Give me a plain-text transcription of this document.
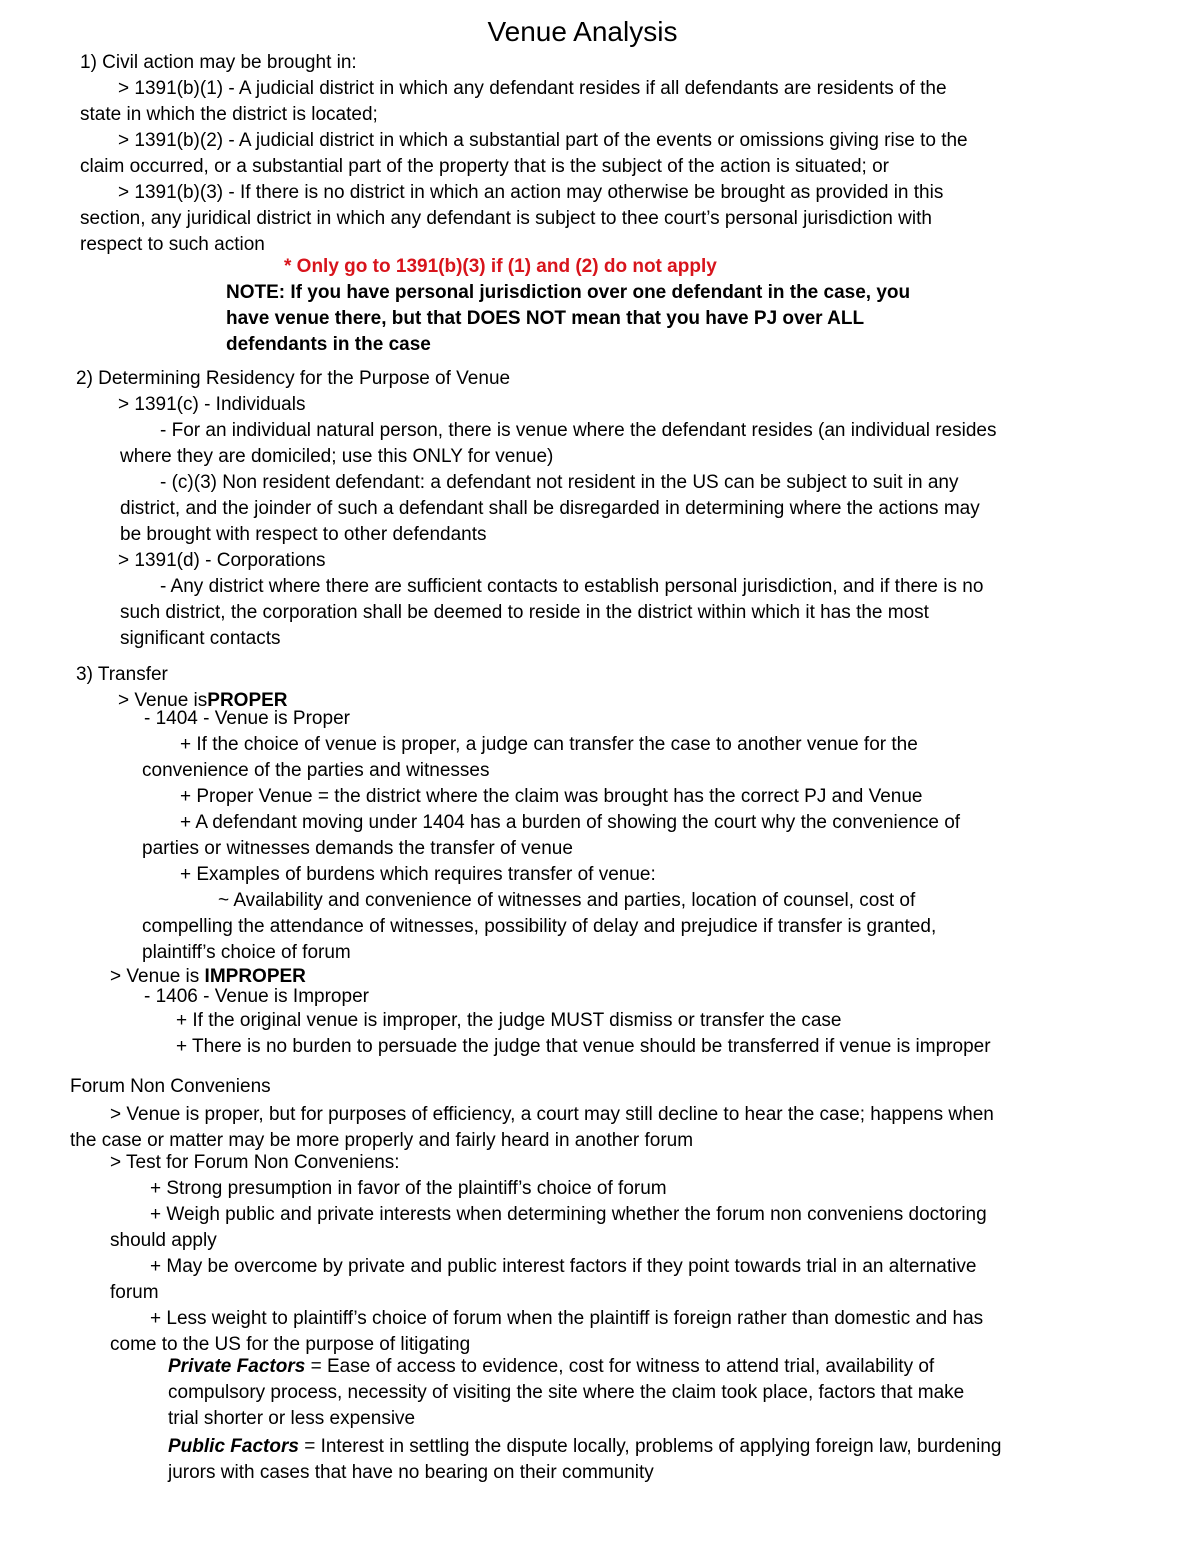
Venue Analysis
1) Civil action may be brought in:
> 1391(b)(1) - A judicial district in which any defendant resides if all defendants are residents of the
state in which the district is located;
> 1391(b)(2) - A judicial district in which a substantial part of the events or omissions giving rise to the
claim occurred, or a substantial part of the property that is the subject of the action is situated; or
> 1391(b)(3) - If there is no district in which an action may otherwise be brought as provided in this
section, any juridical district in which any defendant is subject to thee court’s personal jurisdiction with
respect to such action
* Only go to 1391(b)(3) if (1) and (2) do not apply
NOTE: If you have personal jurisdiction over one defendant in the case, you
have venue there, but that DOES NOT mean that you have PJ over ALL
defendants in the case
2) Determining Residency for the Purpose of Venue
> 1391(c) - Individuals
- For an individual natural person, there is venue where the defendant resides (an individual resides
where they are domiciled; use this ONLY for venue)
- (c)(3) Non resident defendant: a defendant not resident in the US can be subject to suit in any
district, and the joinder of such a defendant shall be disregarded in determining where the actions may
be brought with respect to other defendants
> 1391(d) - Corporations
- Any district where there are sufficient contacts to establish personal jurisdiction, and if there is no
such district, the corporation shall be deemed to reside in the district within which it has the most
significant contacts
3) Transfer
> Venue isPROPER
- 1404 - Venue is Proper
+ If the choice of venue is proper, a judge can transfer the case to another venue for the
convenience of the parties and witnesses
+ Proper Venue = the district where the claim was brought has the correct PJ and Venue
+ A defendant moving under 1404 has a burden of showing the court why the convenience of
parties or witnesses demands the transfer of venue
+ Examples of burdens which requires transfer of venue:
~ Availability and convenience of witnesses and parties, location of counsel, cost of
compelling the attendance of witnesses, possibility of delay and prejudice if transfer is granted,
plaintiff’s choice of forum
> Venue is IMPROPER
- 1406 - Venue is Improper
+ If the original venue is improper, the judge MUST dismiss or transfer the case
+ There is no burden to persuade the judge that venue should be transferred if venue is improper
Forum Non Conveniens
> Venue is proper, but for purposes of efficiency, a court may still decline to hear the case; happens when
the case or matter may be more properly and fairly heard in another forum
> Test for Forum Non Conveniens:
+ Strong presumption in favor of the plaintiff’s choice of forum
+ Weigh public and private interests when determining whether the forum non conveniens doctoring
should apply
+ May be overcome by private and public interest factors if they point towards trial in an alternative
forum
+ Less weight to plaintiff’s choice of forum when the plaintiff is foreign rather than domestic and has
come to the US for the purpose of litigating
Private Factors = Ease of access to evidence, cost for witness to attend trial, availability of
compulsory process, necessity of visiting the site where the claim took place, factors that make
trial shorter or less expensive
Public Factors = Interest in settling the dispute locally, problems of applying foreign law, burdening
jurors with cases that have no bearing on their community
